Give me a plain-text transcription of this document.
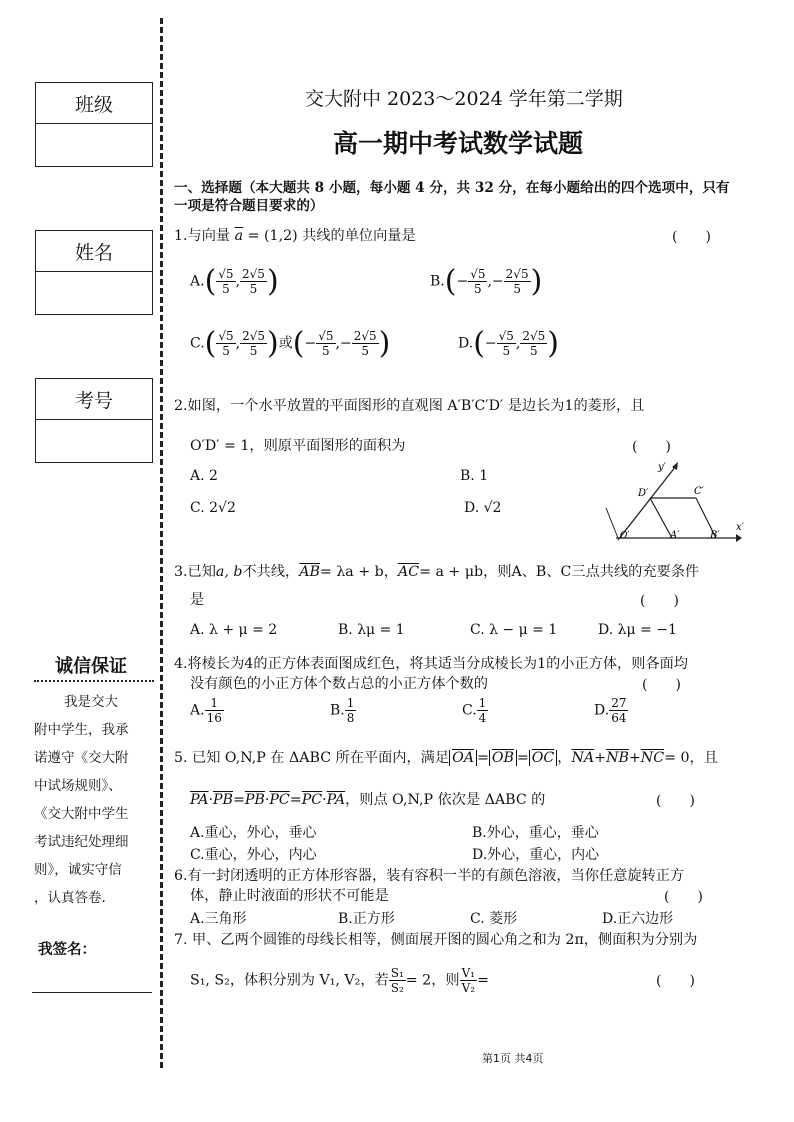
班级
姓名
考号
诚信保证

我是交大

附中学生，我承

诺遵守《交大附

中试场规则》、

《交大附中学生

考试违纪处理细

则》，诚实守信

，认真答卷.

我签名：
交大附中 2023～2024 学年第二学期
高一期中考试数学试题
一、选择题（本大题共 8 小题，每小题 4 分，共 32 分，在每小题给出的四个选项中，只有
一项是符合题目要求的）
1.与向量 $\overline{a} = (1,2)$ 共线的单位向量是	(　　)
$A.( \frac{√5}{5}$ , $\frac{2√5}{5}$ )	$B.(- \frac{√5}{5}$ ,− $\frac{2√5}{5}$ )
$C.( \frac{√5}{5}$ , $\frac{2√5}{5}$ )或(− $\frac{√5}{5}$ ,− $\frac{2√5}{5}$ )	$D.(- \frac{√5}{5}$ , $\frac{2√5}{5}$ )
2.如图，一个水平放置的平面图形的直观图 A′B′C′D′ 是边长为1的菱形，且
O′D′ = 1，则原平面图形的面积为	(　　)
A. 2	B. 1
C. 2√2	D. √2
y′
x′
D′	C′
O′	A′	B′
3.已知a, b不共线，$\overline{AB}= \lambda a + b$，$\overline{AC}= a + \mu b$，则A、B、C三点共线的充要条件
是	(　　)
A. λ + μ = 2	B. λμ = 1	C. λ − μ = 1	D. λμ = −1
4.将棱长为4的正方体表面图成红色，将其适当分成棱长为1的小正方体，则各面均
没有颜色的小正方体个数占总的小正方体个数的	(　　)
A. $\frac{1}{16}$	B. $\frac{1}{8}$	C. $\frac{1}{4}$	D. $\frac{27}{64}$
5. 已知 O,N,P 在 ΔABC 所在平面内，满足 $\overline{OA} = \overline{OB} = \overline{OC}$ ，$\overline{NA}+\overline{NB}+\overline{NC}= 0$，且
$\overline{PA}\cdot\overline{PB}=\overline{PB}\cdot\overline{PC}=\overline{PC}\cdot\overline{PA}$，则点 O,N,P 依次是 ΔABC 的	(　　)
A.重心，外心，垂心	B.外心，重心，垂心
C.重心，外心，内心	D.外心，重心，内心
6.有一封闭透明的正方体形容器，装有容积一半的有颜色溶液，当你任意旋转正方
体，静止时液面的形状不可能是	(　　)
A.三角形	B.正方形	C. 菱形	D.正六边形
7. 甲、乙两个圆锥的母线长相等，侧面展开图的圆心角之和为 2π，侧面积为分别为
S₁, S₂，体积分别为 V₁, V₂，若 $\frac{\text{S₁}}{\text{S₂}} = 2$，则 $\frac{\text{V₁}}{\text{V₂}}$ =	(　　)
第1页 共4页
